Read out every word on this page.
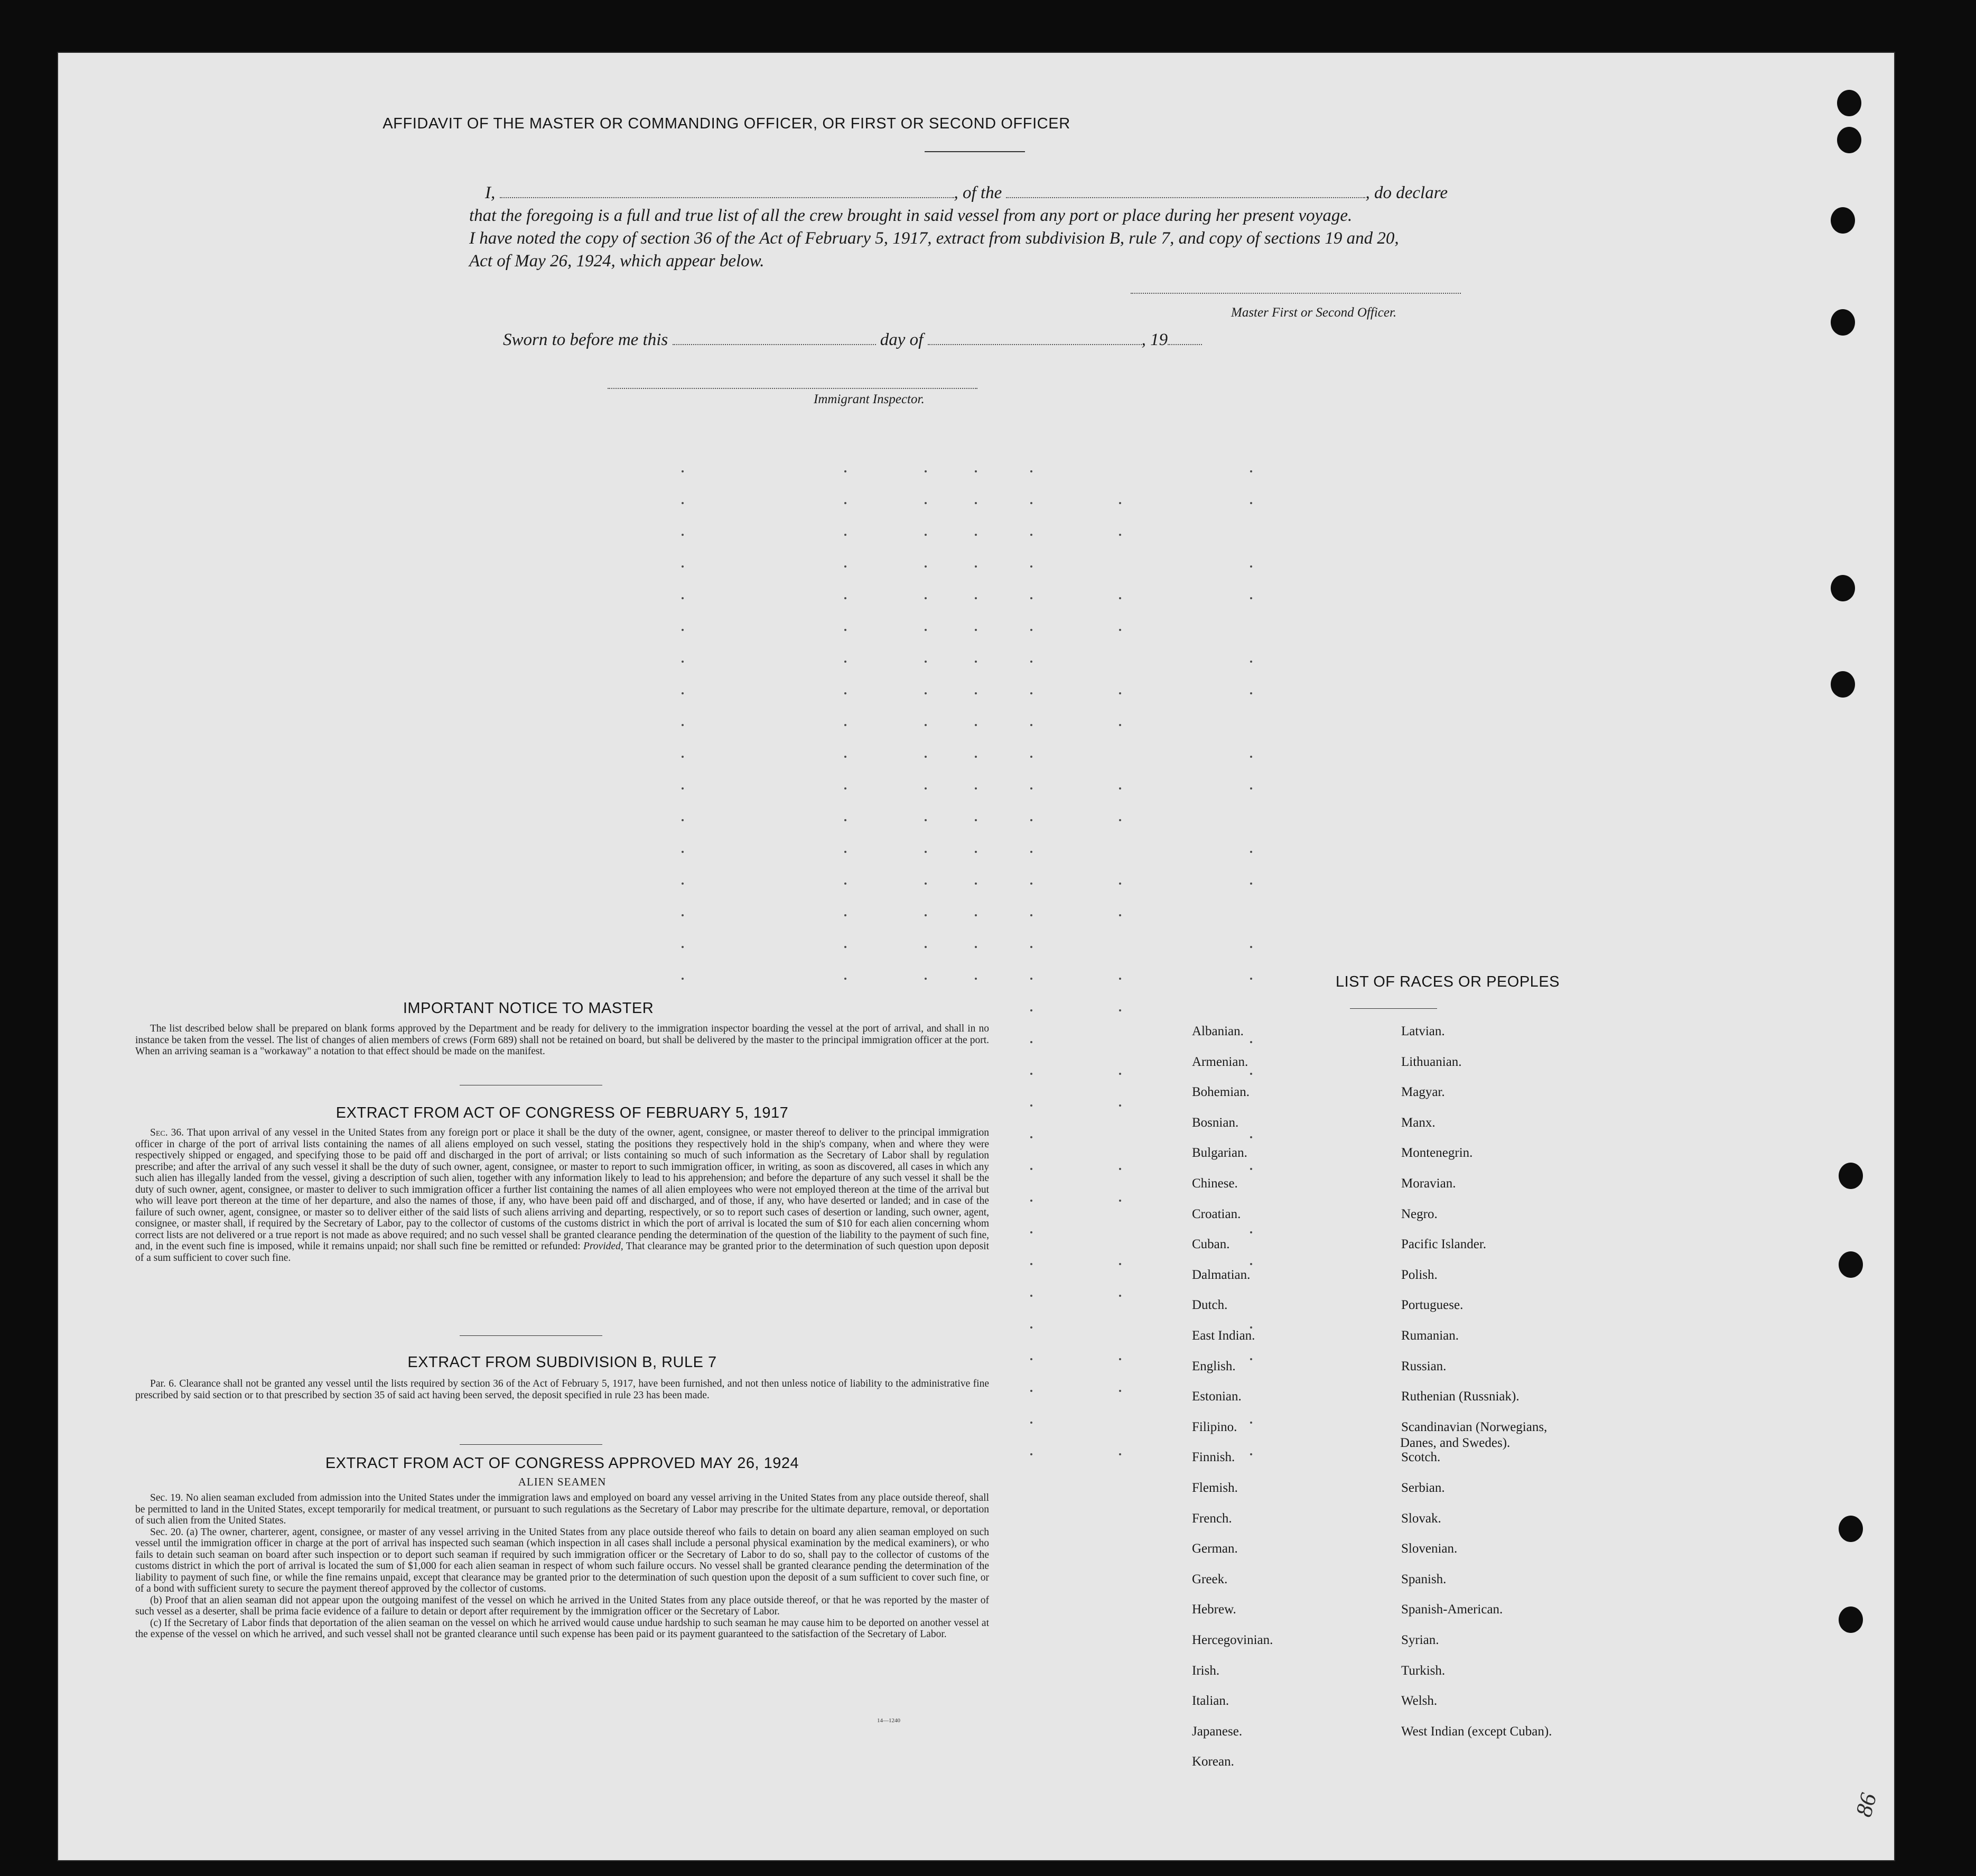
AFFIDAVIT OF THE MASTER OR COMMANDING OFFICER, OR FIRST OR SECOND OFFICER
I,	, of the	, do declare
that the foregoing is a full and true list of all the crew brought in said vessel from any port or place during her present voyage.
I have noted the copy of section 36 of the Act of February 5, 1917, extract from subdivision B, rule 7, and copy of sections 19 and 20,
Act of May 26, 1924, which appear below.
Master First or Second Officer.
Sworn to before me this	day of	, 19
Immigrant Inspector.
IMPORTANT NOTICE TO MASTER
The list described below shall be prepared on blank forms approved by the Department and be ready for delivery to the immigration inspector boarding the vessel at the port of arrival, and shall in no instance be taken from the vessel. The list of changes of alien members of crews (Form 689) shall not be retained on board, but shall be delivered by the master to the principal immigration officer at the port. When an arriving seaman is a "workaway" a notation to that effect should be made on the manifest.
EXTRACT FROM ACT OF CONGRESS OF FEBRUARY 5, 1917
Sec. 36. That upon arrival of any vessel in the United States from any foreign port or place it shall be the duty of the owner, agent, consignee, or master thereof to deliver to the principal immigration officer in charge of the port of arrival lists containing the names of all aliens employed on such vessel, stating the positions they respectively hold in the ship's company, when and where they were respectively shipped or engaged, and specifying those to be paid off and discharged in the port of arrival; or lists containing so much of such information as the Secretary of Labor shall by regulation prescribe; and after the arrival of any such vessel it shall be the duty of such owner, agent, consignee, or master to report to such immigration officer, in writing, as soon as discovered, all cases in which any such alien has illegally landed from the vessel, giving a description of such alien, together with any information likely to lead to his apprehension; and before the departure of any such vessel it shall be the duty of such owner, agent, consignee, or master to deliver to such immigration officer a further list containing the names of all alien employees who were not employed thereon at the time of the arrival but who will leave port thereon at the time of her departure, and also the names of those, if any, who have been paid off and discharged, and of those, if any, who have deserted or landed; and in case of the failure of such owner, agent, consignee, or master so to deliver either of the said lists of such aliens arriving and departing, respectively, or so to report such cases of desertion or landing, such owner, agent, consignee, or master shall, if required by the Secretary of Labor, pay to the collector of customs of the customs district in which the port of arrival is located the sum of $10 for each alien concerning whom correct lists are not delivered or a true report is not made as above required; and no such vessel shall be granted clearance pending the determination of the question of the liability to the payment of such fine, and, in the event such fine is imposed, while it remains unpaid; nor shall such fine be remitted or refunded: Provided, That clearance may be granted prior to the determination of such question upon deposit of a sum sufficient to cover such fine.
EXTRACT FROM SUBDIVISION B, RULE 7
Par. 6. Clearance shall not be granted any vessel until the lists required by section 36 of the Act of February 5, 1917, have been furnished, and not then unless notice of liability to the administrative fine prescribed by said section or to that prescribed by section 35 of said act having been served, the deposit specified in rule 23 has been made.
EXTRACT FROM ACT OF CONGRESS APPROVED MAY 26, 1924
ALIEN SEAMEN

Sec. 19. No alien seaman excluded from admission into the United States under the immigration laws and employed on board any vessel arriving in the United States from any place outside thereof, shall be permitted to land in the United States, except temporarily for medical treatment, or pursuant to such regulations as the Secretary of Labor may prescribe for the ultimate departure, removal, or deportation of such alien from the United States.

Sec. 20. (a) The owner, charterer, agent, consignee, or master of any vessel arriving in the United States from any place outside thereof who fails to detain on board any alien seaman employed on such vessel until the immigration officer in charge at the port of arrival has inspected such seaman (which inspection in all cases shall include a personal physical examination by the medical examiners), or who fails to detain such seaman on board after such inspection or to deport such seaman if required by such immigration officer or the Secretary of Labor to do so, shall pay to the collector of customs of the customs district in which the port of arrival is located the sum of $1,000 for each alien seaman in respect of whom such failure occurs. No vessel shall be granted clearance pending the determination of the liability to payment of such fine, or while the fine remains unpaid, except that clearance may be granted prior to the determination of such question upon the deposit of a sum sufficient to cover such fine, or of a bond with sufficient surety to secure the payment thereof approved by the collector of customs.

(b) Proof that an alien seaman did not appear upon the outgoing manifest of the vessel on which he arrived in the United States from any place outside thereof, or that he was reported by the master of such vessel as a deserter, shall be prima facie evidence of a failure to detain or deport after requirement by the immigration officer or the Secretary of Labor.

(c) If the Secretary of Labor finds that deportation of the alien seaman on the vessel on which he arrived would cause undue hardship to such seaman he may cause him to be deported on another vessel at the expense of the vessel on which he arrived, and such vessel shall not be granted clearance until such expense has been paid or its payment guaranteed to the satisfaction of the Secretary of Labor.

14—1240
LIST OF RACES OR PEOPLES
86
Albanian.
Armenian.
Bohemian.
Bosnian.
Bulgarian.
Chinese.
Croatian.
Cuban.
Dalmatian.
Dutch.
East Indian.
English.
Estonian.
Filipino.
Finnish.
Flemish.
French.
German.
Greek.
Hebrew.
Hercegovinian.
Irish.
Italian.
Japanese.
Korean.
Latvian.
Lithuanian.
Magyar.
Manx.
Montenegrin.
Moravian.
Negro.
Pacific Islander.
Polish.
Portuguese.
Rumanian.
Russian.
Ruthenian (Russniak).
Scandinavian (Norwegians,
Danes, and Swedes).
Scotch.
Serbian.
Slovak.
Slovenian.
Spanish.
Spanish-American.
Syrian.
Turkish.
Welsh.
West Indian (except Cuban).
